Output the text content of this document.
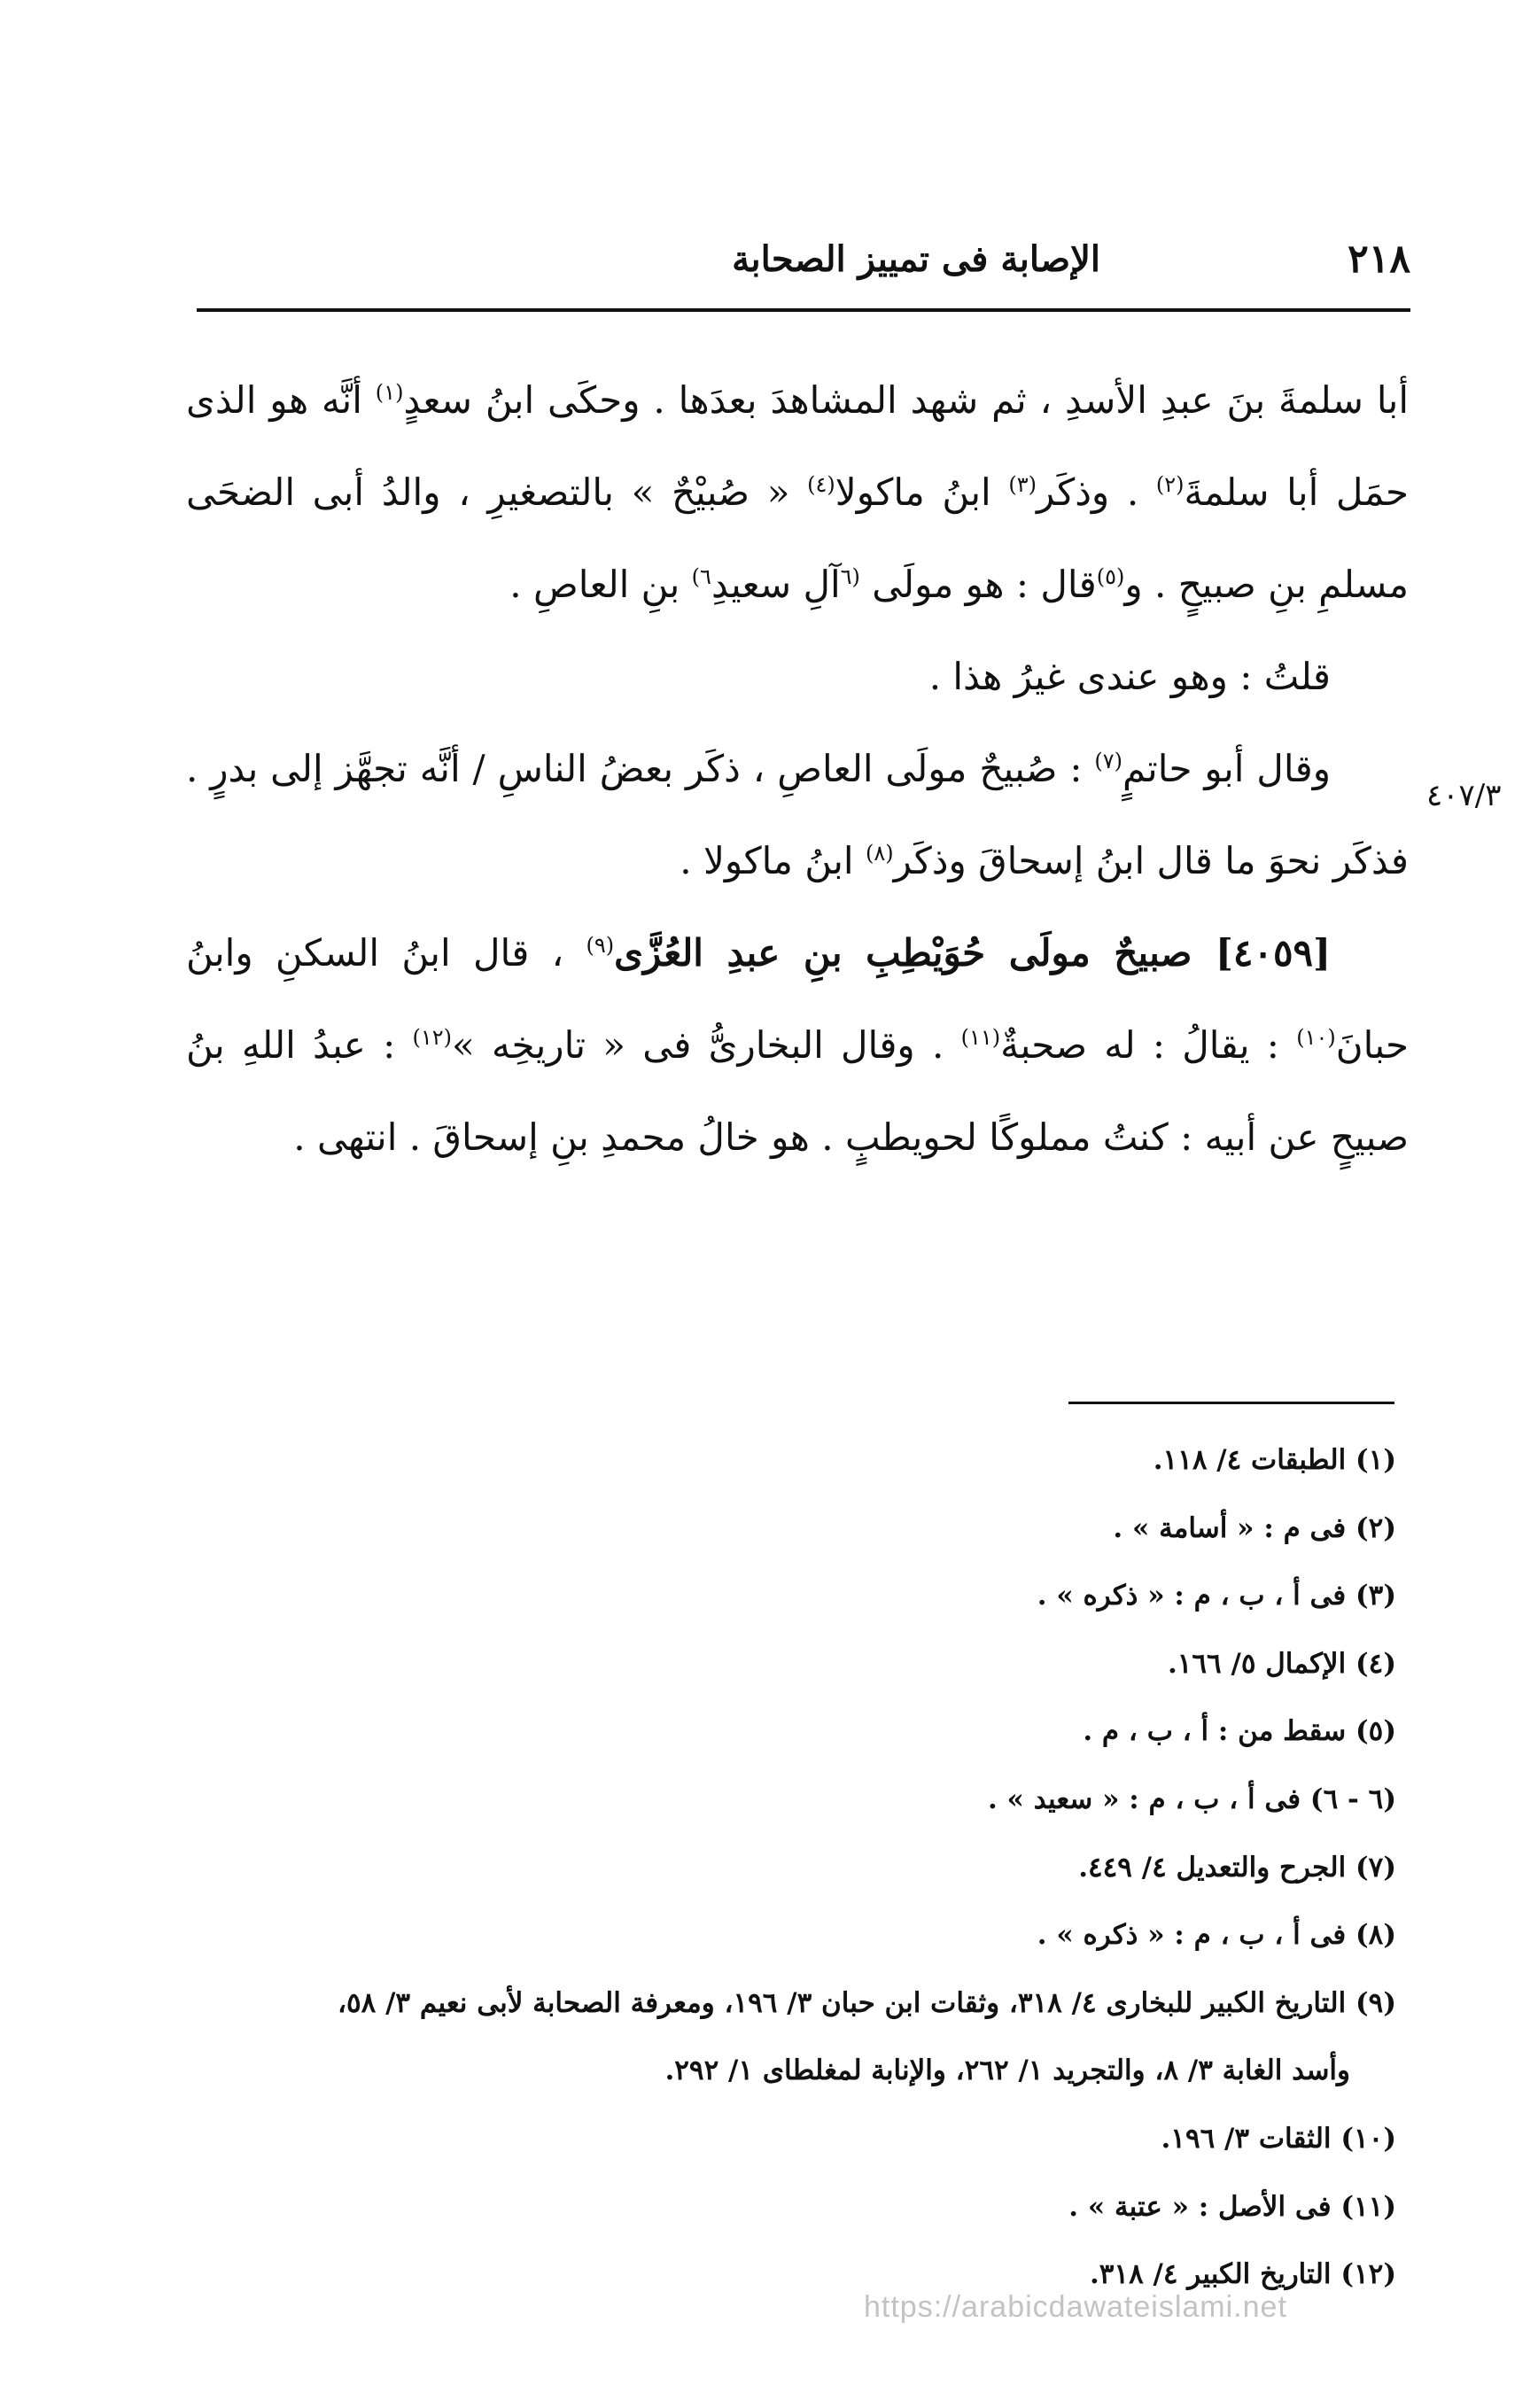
٢١٨
الإصابة فى تمييز الصحابة
٤٠٧/٣

أبا سلمةَ بنَ عبدِ الأسدِ ، ثم شهد المشاهدَ بعدَها . وحكَى ابنُ سعدٍ$^{(١)}$ أنَّه هو الذى حمَل أبا سلمةَ$^{(٢)}$ . وذكَر$^{(٣)}$ ابنُ ماكولا$^{(٤)}$ « صُبيْحٌ » بالتصغيرِ ، والدُ أبى الضحَى مسلمِ بنِ صبيحٍ . و$^{(٥)}$قال : هو مولَى $^{(٦}$آلِ سعيدِ$^{٦)}$ بنِ العاصِ .

قلتُ : وهو عندى غيرُ هذا .

وقال أبو حاتمٍ$^{(٧)}$ : صُبيحٌ مولَى العاصِ ، ذكَر بعضُ الناسِ / أنَّه تجهَّز إلى بدرٍ . فذكَر نحوَ ما قال ابنُ إسحاقَ وذكَر$^{(٨)}$ ابنُ ماكولا .

[٤٠٥٩] صبيحٌ مولَى حُوَيْطِبِ بنِ عبدِ العُزَّى$^{(٩)}$ ، قال ابنُ السكنِ وابنُ حبانَ$^{(١٠)}$ : يقالُ : له صحبةٌ$^{(١١)}$ . وقال البخارىُّ فى « تاريخِه »$^{(١٢)}$ : عبدُ اللهِ بنُ صبيحٍ عن أبيه : كنتُ مملوكًا لحويطبٍ . هو خالُ محمدِ بنِ إسحاقَ . انتهى .

(١) الطبقات ٤/ ١١٨.

(٢) فى م : « أسامة » .

(٣) فى أ ، ب ، م : « ذكره » .

(٤) الإكمال ٥/ ١٦٦.

(٥) سقط من : أ ، ب ، م .

(٦ - ٦) فى أ ، ب ، م : « سعيد » .

(٧) الجرح والتعديل ٤/ ٤٤٩.

(٨) فى أ ، ب ، م : « ذكره » .

(٩) التاريخ الكبير للبخارى ٤/ ٣١٨، وثقات ابن حبان ٣/ ١٩٦، ومعرفة الصحابة لأبى نعيم ٣/ ٥٨،

وأسد الغابة ٣/ ٨، والتجريد ١/ ٢٦٢، والإنابة لمغلطاى ١/ ٢٩٢.

(١٠) الثقات ٣/ ١٩٦.

(١١) فى الأصل : « عتبة » .

(١٢) التاريخ الكبير ٤/ ٣١٨.

https://arabicdawateislami.net
